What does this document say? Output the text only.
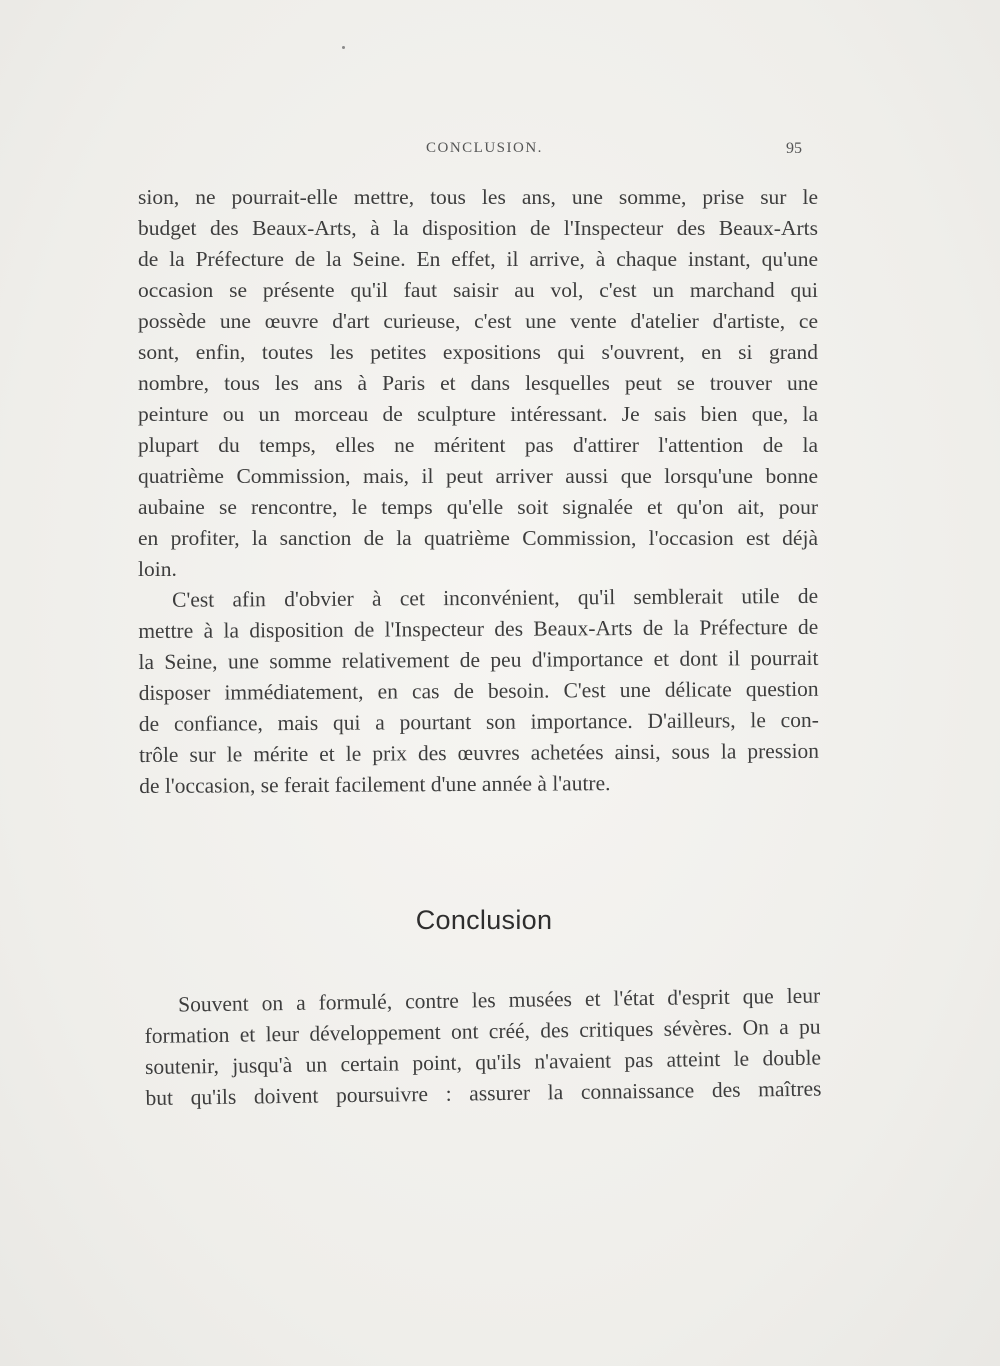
CONCLUSION.	95
sion, ne pourrait-elle mettre, tous les ans, une somme, prise sur le
budget des Beaux-Arts, à la disposition de l'Inspecteur des Beaux-Arts
de la Préfecture de la Seine. En effet, il arrive, à chaque instant, qu'une
occasion se présente qu'il faut saisir au vol, c'est un marchand qui
possède une œuvre d'art curieuse, c'est une vente d'atelier d'artiste, ce
sont, enfin, toutes les petites expositions qui s'ouvrent, en si grand
nombre, tous les ans à Paris et dans lesquelles peut se trouver une
peinture ou un morceau de sculpture intéressant. Je sais bien que, la
plupart du temps, elles ne méritent pas d'attirer l'attention de la
quatrième Commission, mais, il peut arriver aussi que lorsqu'une bonne
aubaine se rencontre, le temps qu'elle soit signalée et qu'on ait, pour
en profiter, la sanction de la quatrième Commission, l'occasion est déjà
loin.
C'est afin d'obvier à cet inconvénient, qu'il semblerait utile de
mettre à la disposition de l'Inspecteur des Beaux-Arts de la Préfecture de
la Seine, une somme relativement de peu d'importance et dont il pourrait
disposer immédiatement, en cas de besoin. C'est une délicate question
de confiance, mais qui a pourtant son importance. D'ailleurs, le con-
trôle sur le mérite et le prix des œuvres achetées ainsi, sous la pression
de l'occasion, se ferait facilement d'une année à l'autre.
Conclusion
Souvent on a formulé, contre les musées et l'état d'esprit que leur
formation et leur développement ont créé, des critiques sévères. On a pu
soutenir, jusqu'à un certain point, qu'ils n'avaient pas atteint le double
but qu'ils doivent poursuivre : assurer la connaissance des maîtres
